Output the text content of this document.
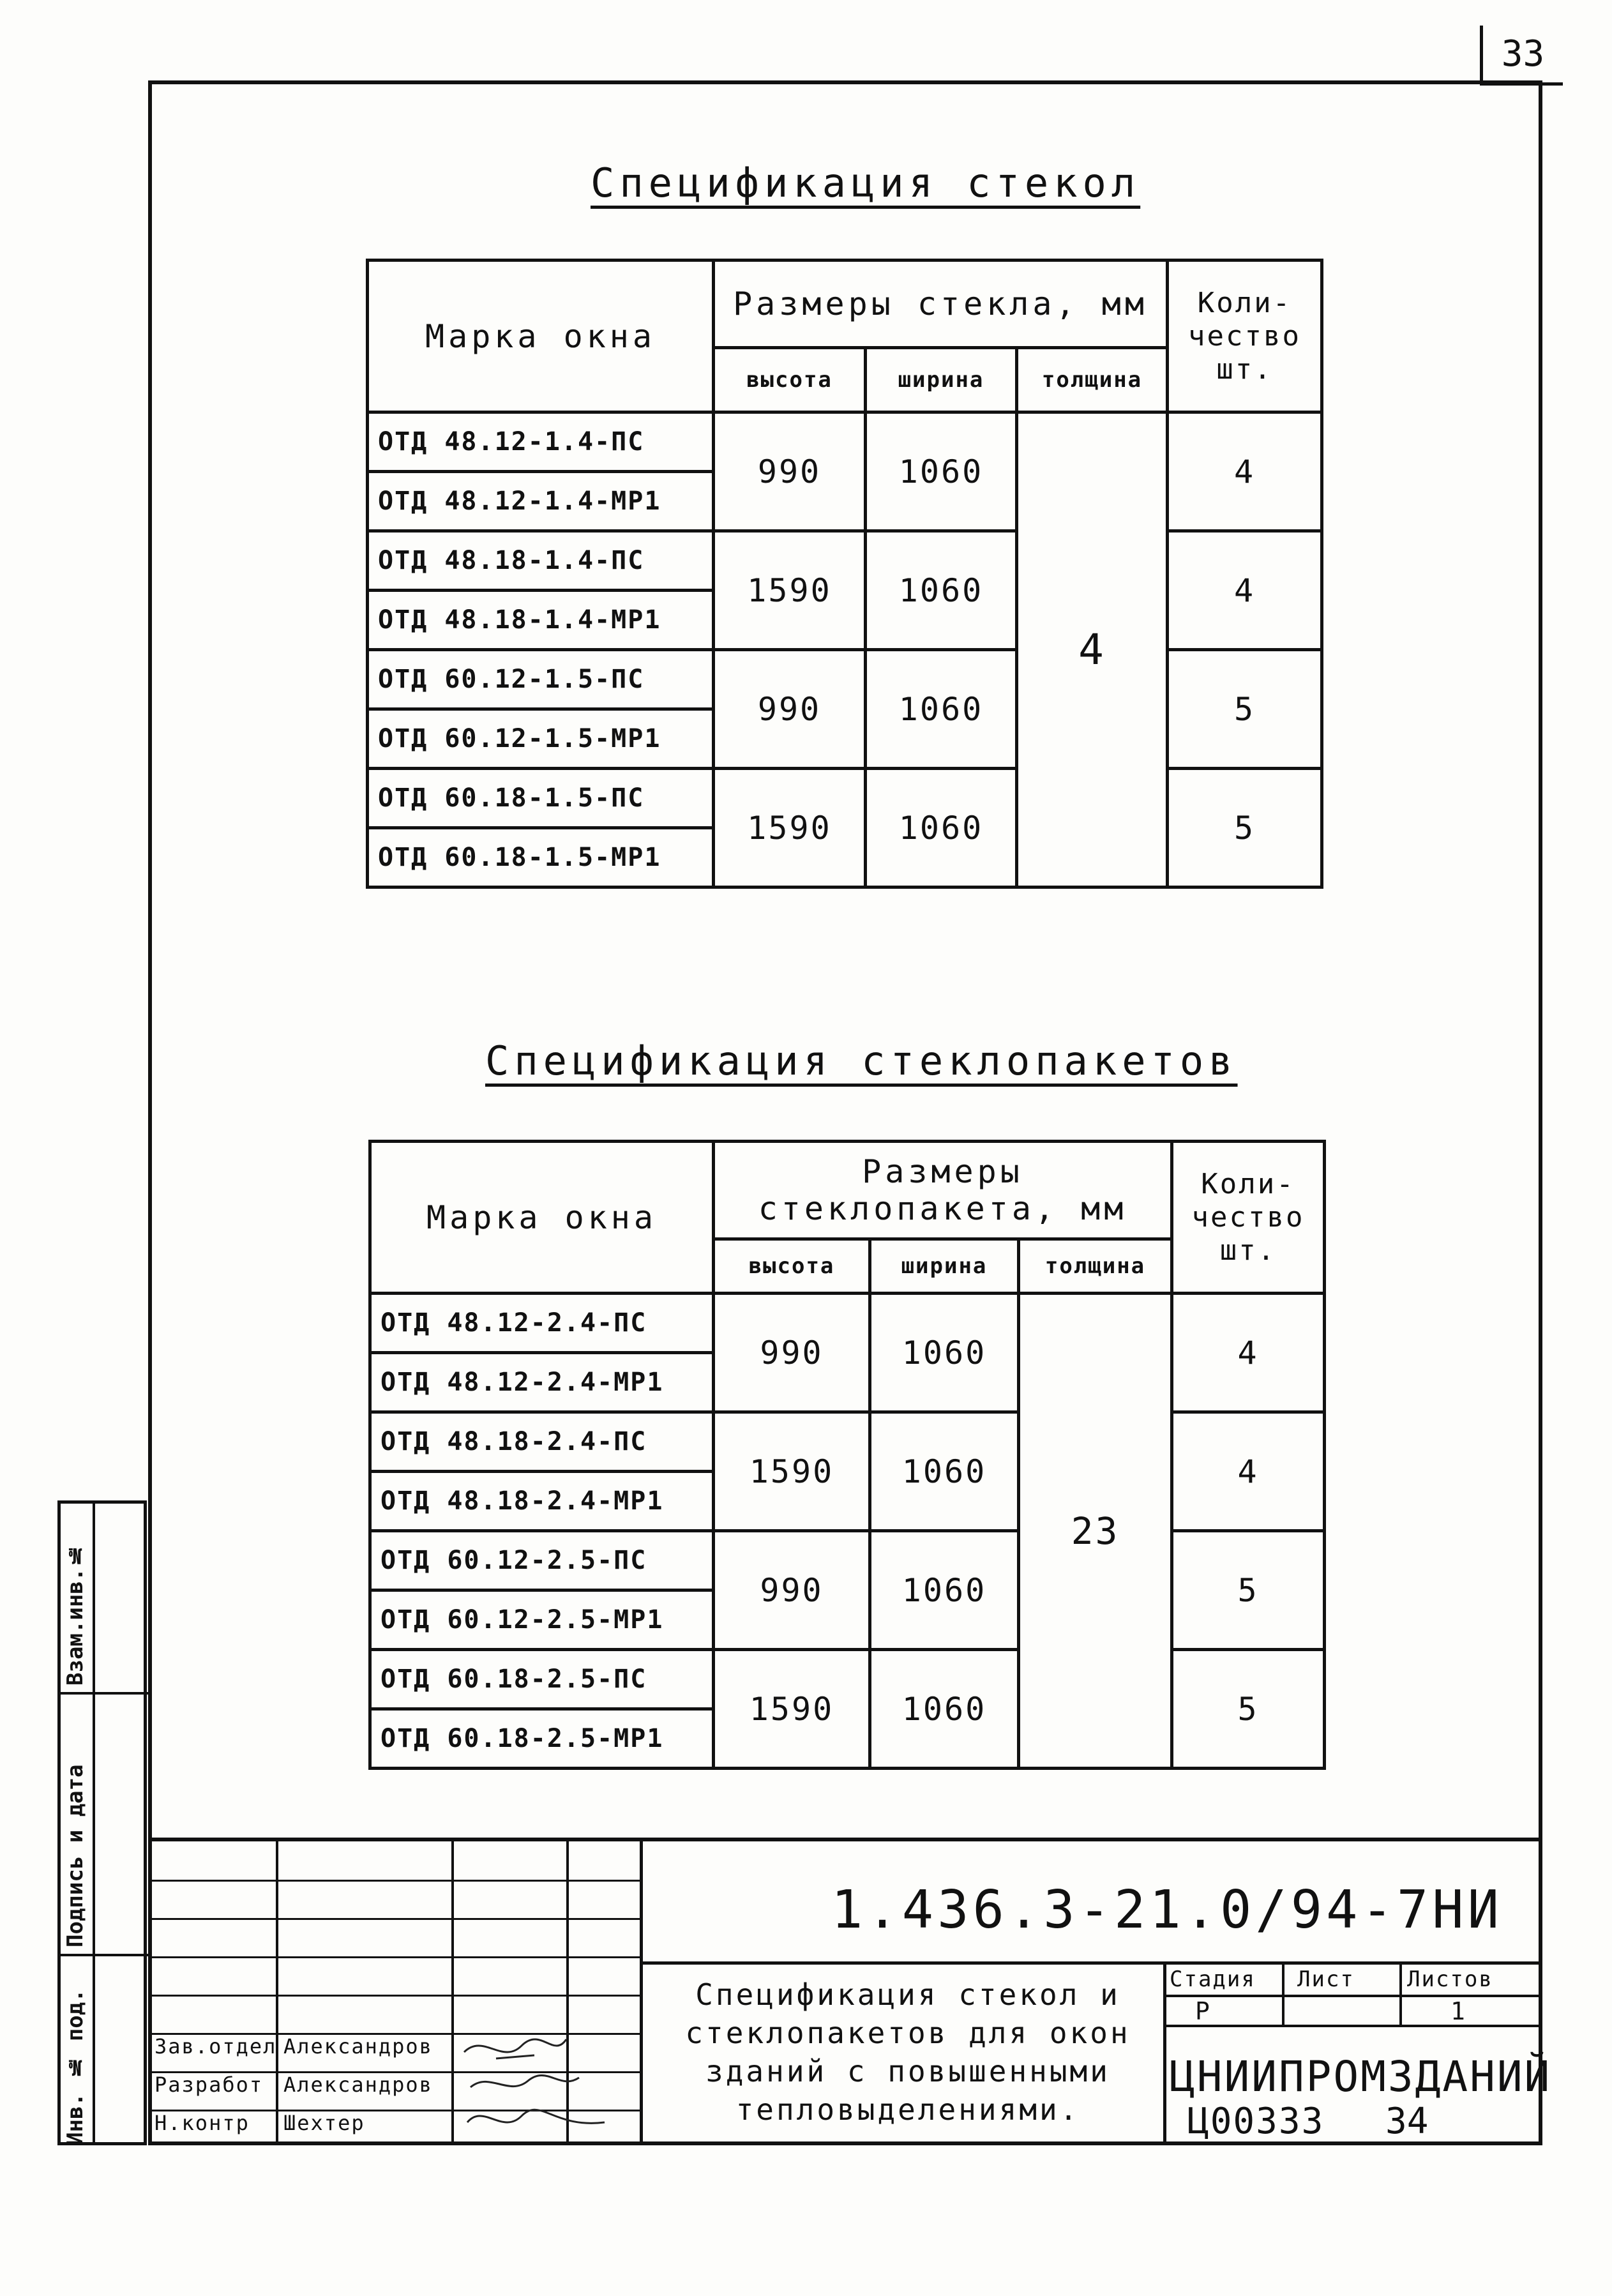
33
Инв. № под.
Подпись и дата
Взам.инв.№
Спецификация стекол
Марка окна	Размеры стекла, мм			Коли-чество шт.
	высота	ширина	толщина	
ОТД 48.12-1.4-ПС	990	1060	4	4
ОТД 48.12-1.4-МР1				
ОТД 48.18-1.4-ПС	1590	1060		4
ОТД 48.18-1.4-МР1				
ОТД 60.12-1.5-ПС	990	1060		5
ОТД 60.12-1.5-МР1				
ОТД 60.18-1.5-ПС	1590	1060		5
ОТД 60.18-1.5-МР1				
Спецификация стеклопакетов
Марка окна	Размеры стеклопакета, мм			Коли-чество шт.
	высота	ширина	толщина	
ОТД 48.12-2.4-ПС	990	1060	23	4
ОТД 48.12-2.4-МР1				
ОТД 48.18-2.4-ПС	1590	1060		4
ОТД 48.18-2.4-МР1				
ОТД 60.12-2.5-ПС	990	1060		5
ОТД 60.12-2.5-МР1				
ОТД 60.18-2.5-ПС	1590	1060		5
ОТД 60.18-2.5-МР1				
1.436.3-21.0/94-7НИ
Спецификация стекол и
стеклопакетов для окон
зданий с повышенными
тепловыделениями.
Стадия Лист Листов
Р	1
ЦНИИПРОМЗДАНИЙ
Зав.отдел Александров
Разработ Александров
Н.контр Шехтер	Ц00333 34
